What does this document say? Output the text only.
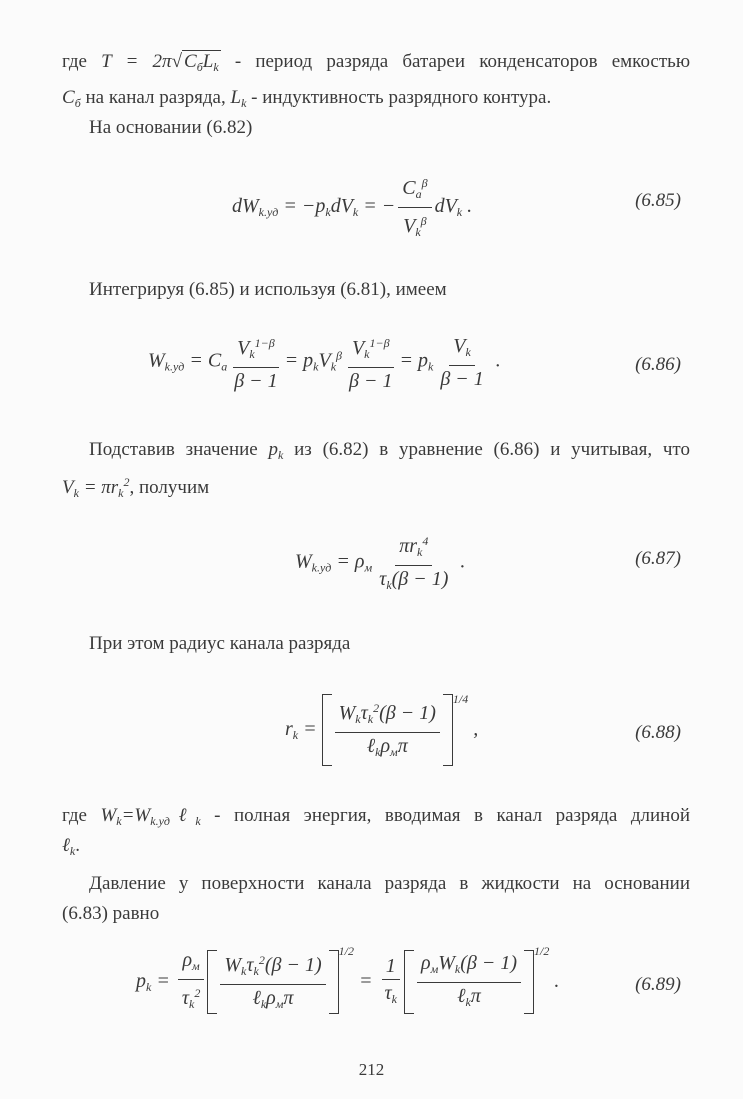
где T = 2π√ $C_бL_k$ - период разряда батареи конденсаторов емкостью
$C_б$ на канал разряда, $L_k$ - индуктивность разрядного контура.
На основании (6.82)
$dW_{k.уд} = -p_kdV_k$ = − $\frac{C_a^\beta}{V_k^\beta} dV_k$ .	(6.85)
Интегрируя (6.85) и используя (6.81), имеем
$W_{k.уд} = C_a \frac{V_k^{1-\beta}}{\beta - 1} = p_kV_k^\beta \frac{V_k^{1-\beta}}{\beta - 1} = p_k \frac{V_k}{\beta - 1}$ .	(6.86)
Подставив значение $p_k$ из (6.82) в уравнение (6.86) и учитывая, что
$V_k = \pi r_k^2$, получим
$W_{k.уд} = \rho_м \frac{\pi r_k^4}{\tau_k(\beta - 1)}$ .	(6.87)
При этом радиус канала разряда
$r_k = \frac{W_k\tau_k^2(\beta - 1)}{\ell_k\rho_м\pi} ^{1/4}$ ,	(6.88)
где $W_k=W_{k.уд}\ell_k$ - полная энергия, вводимая в канал разряда длиной
ℓ$_k$.
Давление у поверхности канала разряда в жидкости на основании
(6.83) равно
$p_k = \frac{\rho_м}{\tau_k^2} \frac{W_k\tau_k^2(\beta - 1)}{\ell_k\rho_м\pi} ^{1/2} = \frac{1}{\tau_k} \frac{\rho_мW_k(\beta - 1)}{\ell_k\pi}$
$^{1/2}$ .	(6.89)
212
